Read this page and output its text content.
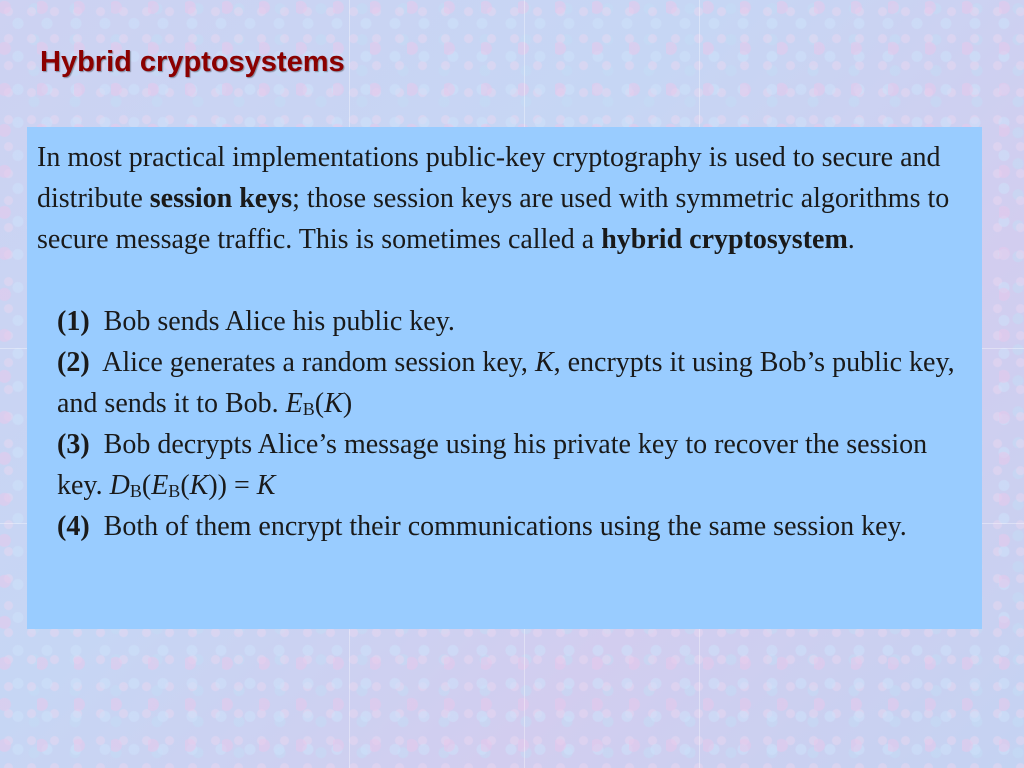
Hybrid cryptosystems

In most practical implementations public-key cryptography is used to secure and distribute session keys; those session keys are used with symmetric algorithms to secure message traffic. This is sometimes called a hybrid cryptosystem.

(1) Bob sends Alice his public key.
(2) Alice generates a random session key, K, encrypts it using Bob’s public key, and sends it to Bob. $E_B(K)$
(3) Bob decrypts Alice’s message using his private key to recover the session key. $D_B(E_B(K)) = K$
(4) Both of them encrypt their communications using the same session key.
